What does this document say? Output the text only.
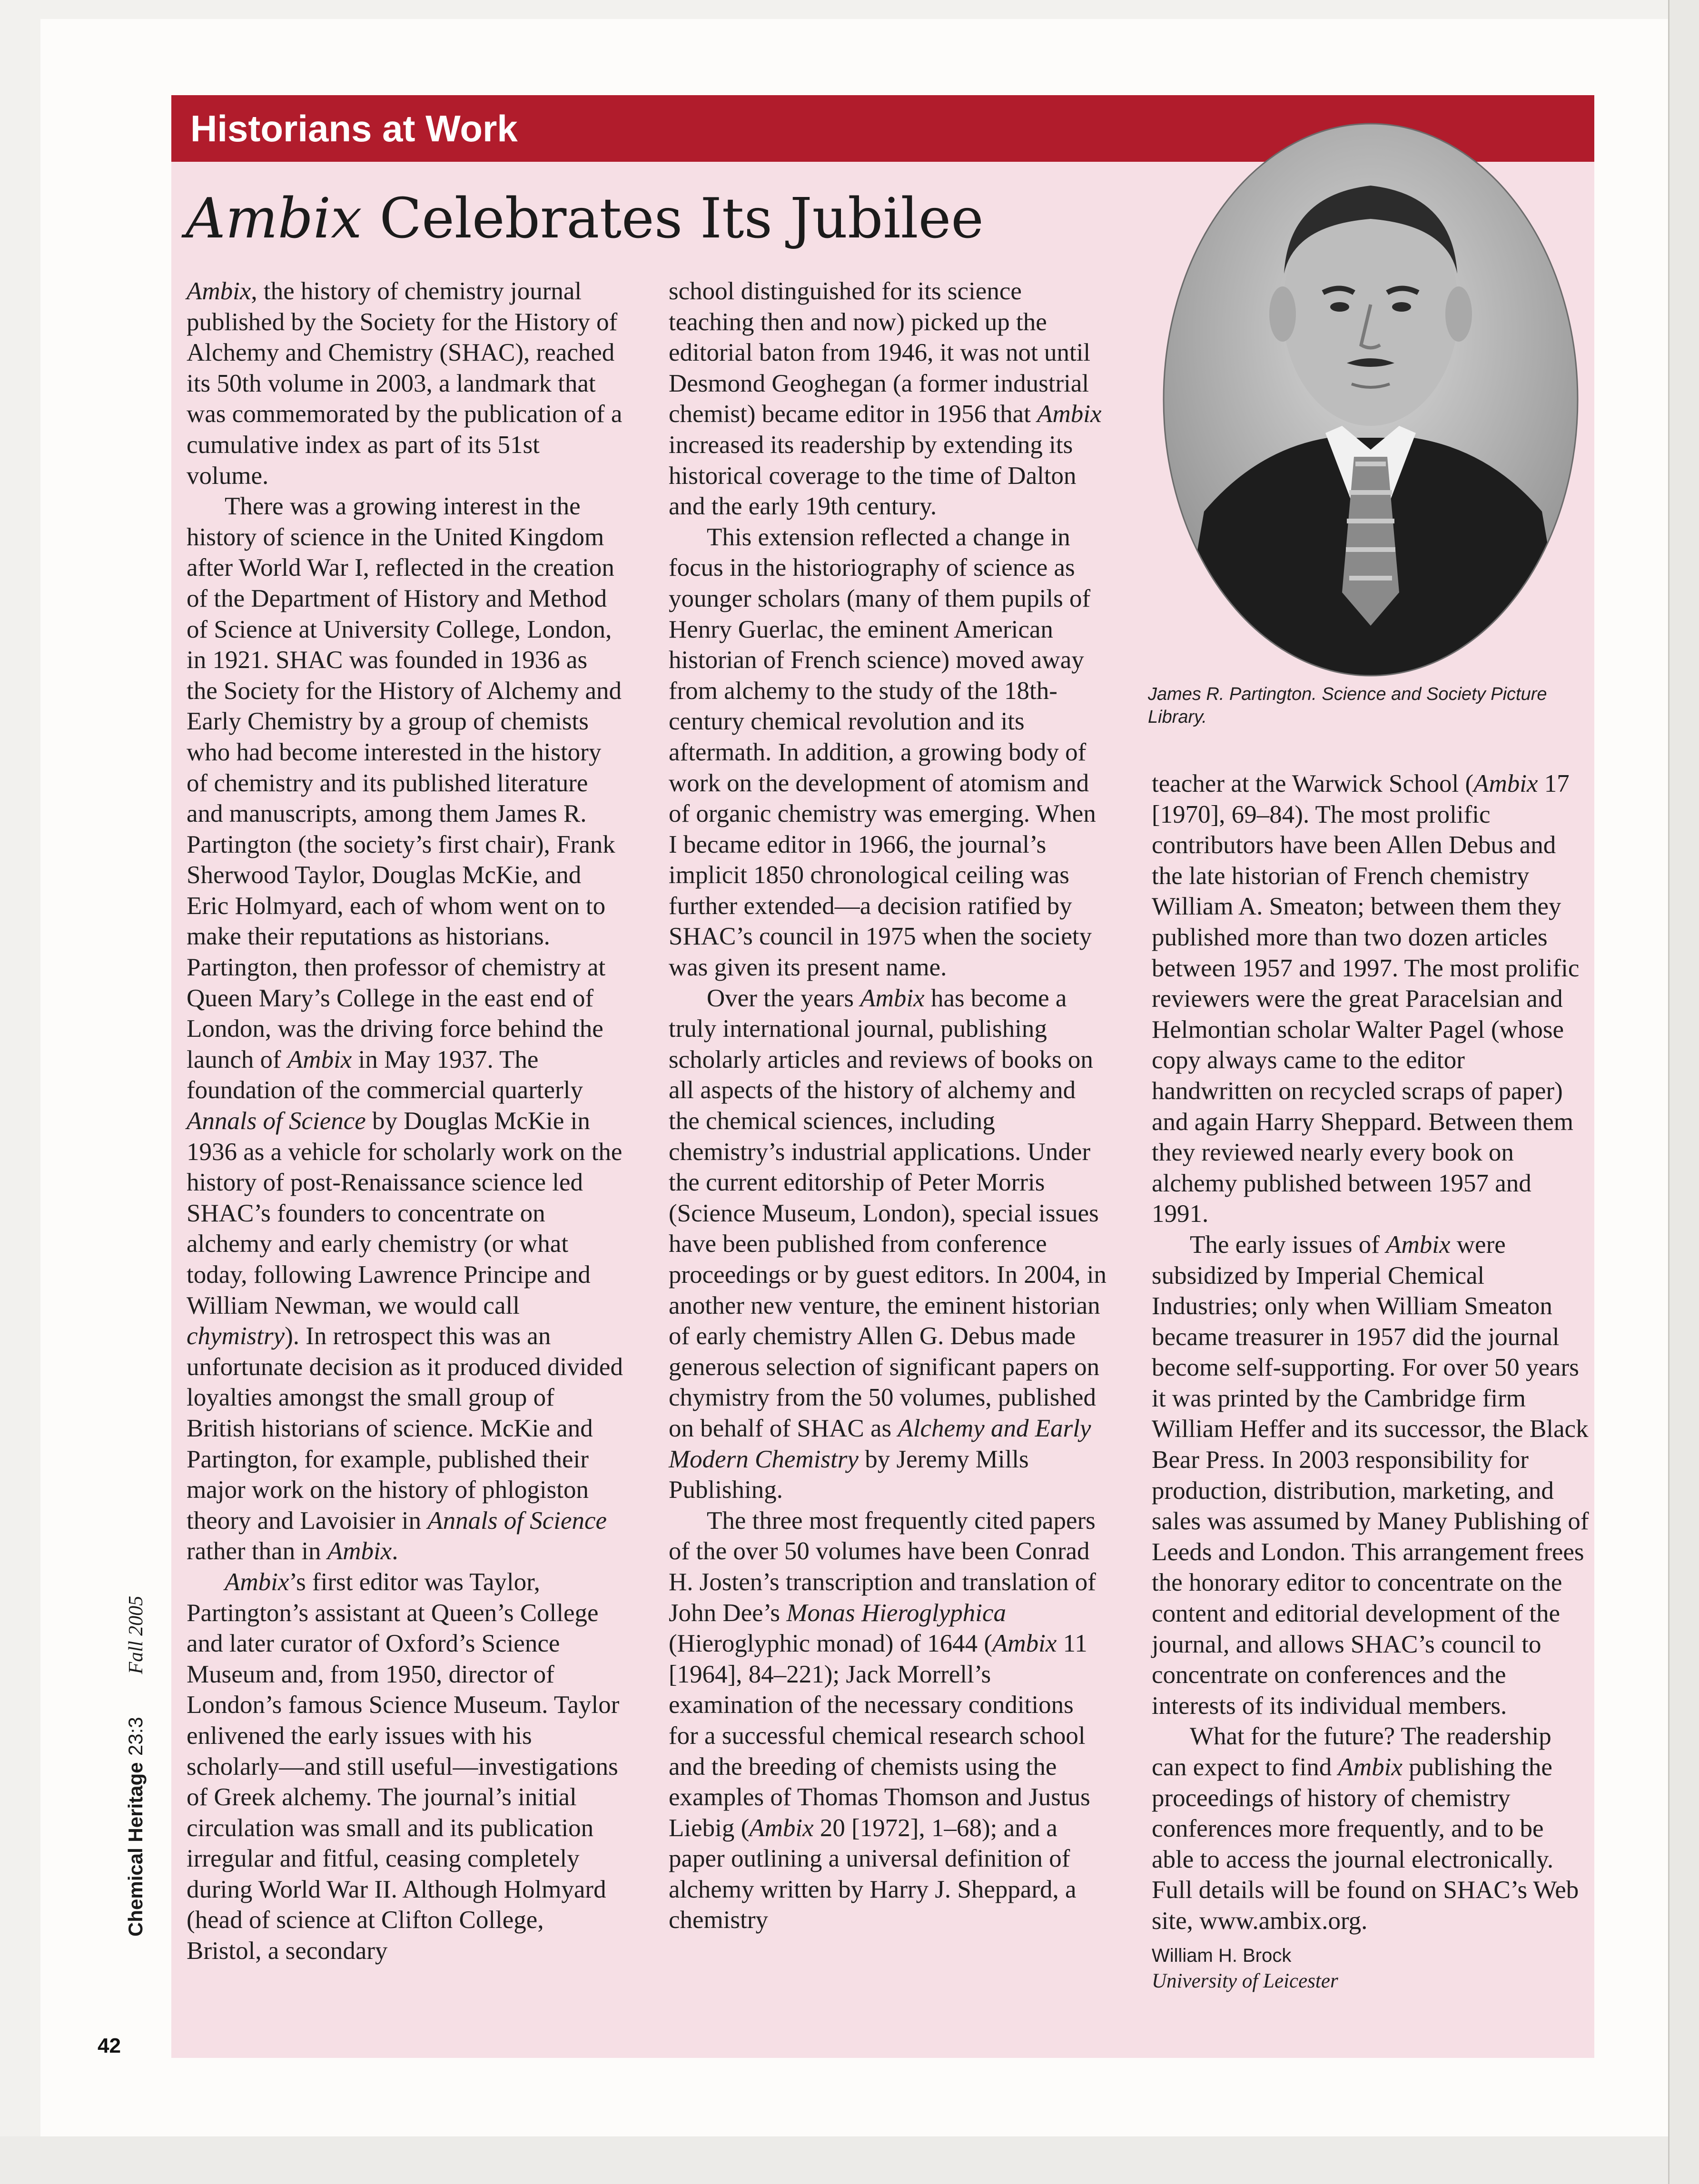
Historians at Work
Ambix Celebrates Its Jubilee

Ambix, the history of chemistry journal published by the Society for the History of Alchemy and Chemistry (SHAC), reached its 50th volume in 2003, a landmark that was commemorated by the publication of a cumulative index as part of its 51st volume.

There was a growing interest in the history of science in the United Kingdom after World War I, reflected in the creation of the Department of History and Method of Science at University College, London, in 1921. SHAC was founded in 1936 as the Society for the History of Alchemy and Early Chemistry by a group of chemists who had become interested in the history of chemistry and its published literature and manuscripts, among them James R. Partington (the society’s first chair), Frank Sherwood Taylor, Douglas McKie, and Eric Holmyard, each of whom went on to make their reputations as historians. Partington, then professor of chemistry at Queen Mary’s College in the east end of London, was the driving force behind the launch of Ambix in May 1937. The foundation of the commercial quarterly Annals of Science by Douglas McKie in 1936 as a vehicle for scholarly work on the history of post-Renaissance science led SHAC’s founders to concentrate on alchemy and early chemistry (or what today, following Lawrence Principe and William Newman, we would call chymistry). In retrospect this was an unfortunate decision as it produced divided loyalties amongst the small group of British historians of science. McKie and Partington, for example, published their major work on the history of phlogiston theory and Lavoisier in Annals of Science rather than in Ambix.

Ambix’s first editor was Taylor, Partington’s assistant at Queen’s College and later curator of Oxford’s Science Museum and, from 1950, director of London’s famous Science Museum. Taylor enlivened the early issues with his scholarly—and still useful—investigations of Greek alchemy. The journal’s initial circulation was small and its publication irregular and fitful, ceasing completely during World War II. Although Holmyard (head of science at Clifton College, Bristol, a secondary

school distinguished for its science teaching then and now) picked up the editorial baton from 1946, it was not until Desmond Geoghegan (a former industrial chemist) became editor in 1956 that Ambix increased its readership by extending its historical coverage to the time of Dalton and the early 19th century.

This extension reflected a change in focus in the historiography of science as younger scholars (many of them pupils of Henry Guerlac, the eminent American historian of French science) moved away from alchemy to the study of the 18th-century chemical revolution and its aftermath. In addition, a growing body of work on the development of atomism and of organic chemistry was emerging. When I became editor in 1966, the journal’s implicit 1850 chronological ceiling was further extended—a decision ratified by SHAC’s council in 1975 when the society was given its present name.

Over the years Ambix has become a truly international journal, publishing scholarly articles and reviews of books on all aspects of the history of alchemy and the chemical sciences, including chemistry’s industrial applications. Under the current editorship of Peter Morris (Science Museum, London), special issues have been published from conference proceedings or by guest editors. In 2004, in another new venture, the eminent historian of early chemistry Allen G. Debus made generous selection of significant papers on chymistry from the 50 volumes, published on behalf of SHAC as Alchemy and Early Modern Chemistry by Jeremy Mills Publishing.

The three most frequently cited papers of the over 50 volumes have been Conrad H. Josten’s transcription and translation of John Dee’s Monas Hieroglyphica (Hieroglyphic monad) of 1644 (Ambix 11 [1964], 84–221); Jack Morrell’s examination of the necessary conditions for a successful chemical research school and the breeding of chemists using the examples of Thomas Thomson and Justus Liebig (Ambix 20 [1972], 1–68); and a paper outlining a universal definition of alchemy written by Harry J. Sheppard, a chemistry

James R. Partington. Science and Society Picture Library.

teacher at the Warwick School (Ambix 17 [1970], 69–84). The most prolific contributors have been Allen Debus and the late historian of French chemistry William A. Smeaton; between them they published more than two dozen articles between 1957 and 1997. The most prolific reviewers were the great Paracelsian and Helmontian scholar Walter Pagel (whose copy always came to the editor handwritten on recycled scraps of paper) and again Harry Sheppard. Between them they reviewed nearly every book on alchemy published between 1957 and 1991.

The early issues of Ambix were subsidized by Imperial Chemical Industries; only when William Smeaton became treasurer in 1957 did the journal become self-supporting. For over 50 years it was printed by the Cambridge firm William Heffer and its successor, the Black Bear Press. In 2003 responsibility for production, distribution, marketing, and sales was assumed by Maney Publishing of Leeds and London. This arrangement frees the honorary editor to concentrate on the content and editorial development of the journal, and allows SHAC’s council to concentrate on conferences and the interests of its individual members.

What for the future? The readership can expect to find Ambix publishing the proceedings of history of chemistry conferences more frequently, and to be able to access the journal electronically. Full details will be found on SHAC’s Web site, www.ambix.org.

William H. Brock

University of Leicester

Chemical Heritage 23:3Fall 2005
42
